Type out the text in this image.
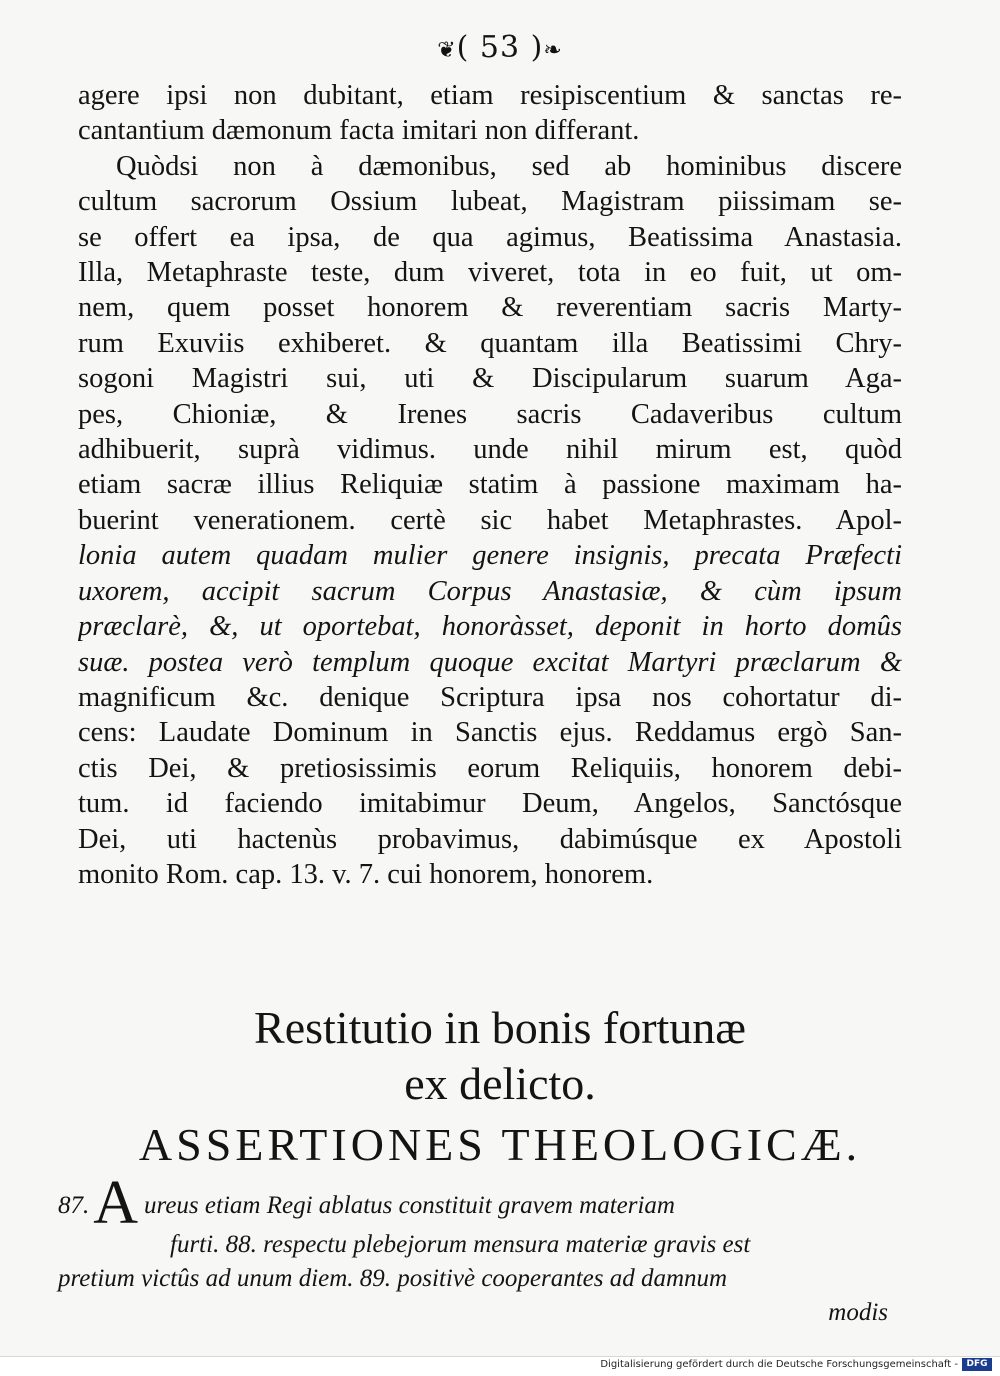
❦( 53 )❧
agere ipsi non dubitant, etiam resipiscentium & sanctas re-
cantantium dæmonum facta imitari non differant.
Quòdsi non à dæmonibus, sed ab hominibus discere
cultum sacrorum Ossium lubeat, Magistram piissimam se-
se offert ea ipsa, de qua agimus, Beatissima Anastasia.
Illa, Metaphraste teste, dum viveret, tota in eo fuit, ut om-
nem, quem posset honorem & reverentiam sacris Marty-
rum Exuviis exhiberet. & quantam illa Beatissimi Chry-
sogoni Magistri sui, uti & Discipularum suarum Aga-
pes, Chioniæ, & Irenes sacris Cadaveribus cultum
adhibuerit, suprà vidimus. unde nihil mirum est, quòd
etiam sacræ illius Reliquiæ statim à passione maximam ha-
buerint venerationem. certè sic habet Metaphrastes. Apol-
lonia autem quadam mulier genere insignis, precata Præfecti
uxorem, accipit sacrum Corpus Anastasiæ, & cùm ipsum
præclarè, &, ut oportebat, honoràsset, deponit in horto domûs
suæ. postea verò templum quoque excitat Martyri præclarum &
magnificum &c. denique Scriptura ipsa nos cohortatur di-
cens: Laudate Dominum in Sanctis ejus. Reddamus ergò San-
ctis Dei, & pretiosissimis eorum Reliquiis, honorem debi-
tum. id faciendo imitabimur Deum, Angelos, Sanctósque
Dei, uti hactenùs probavimus, dabimúsque ex Apostoli
monito Rom. cap. 13. v. 7. cui honorem, honorem.
Restitutio in bonis fortunæ
ex delicto.
ASSERTIONES THEOLOGICÆ.
87.A ureus etiam Regi ablatus constituit gravem materiam
furti. 88. respectu plebejorum mensura materiæ gravis est
pretium victûs ad unum diem. 89. positivè cooperantes ad damnum
modis
Digitalisierung gefördert durch die Deutsche Forschungsgemeinschaft - DFG
